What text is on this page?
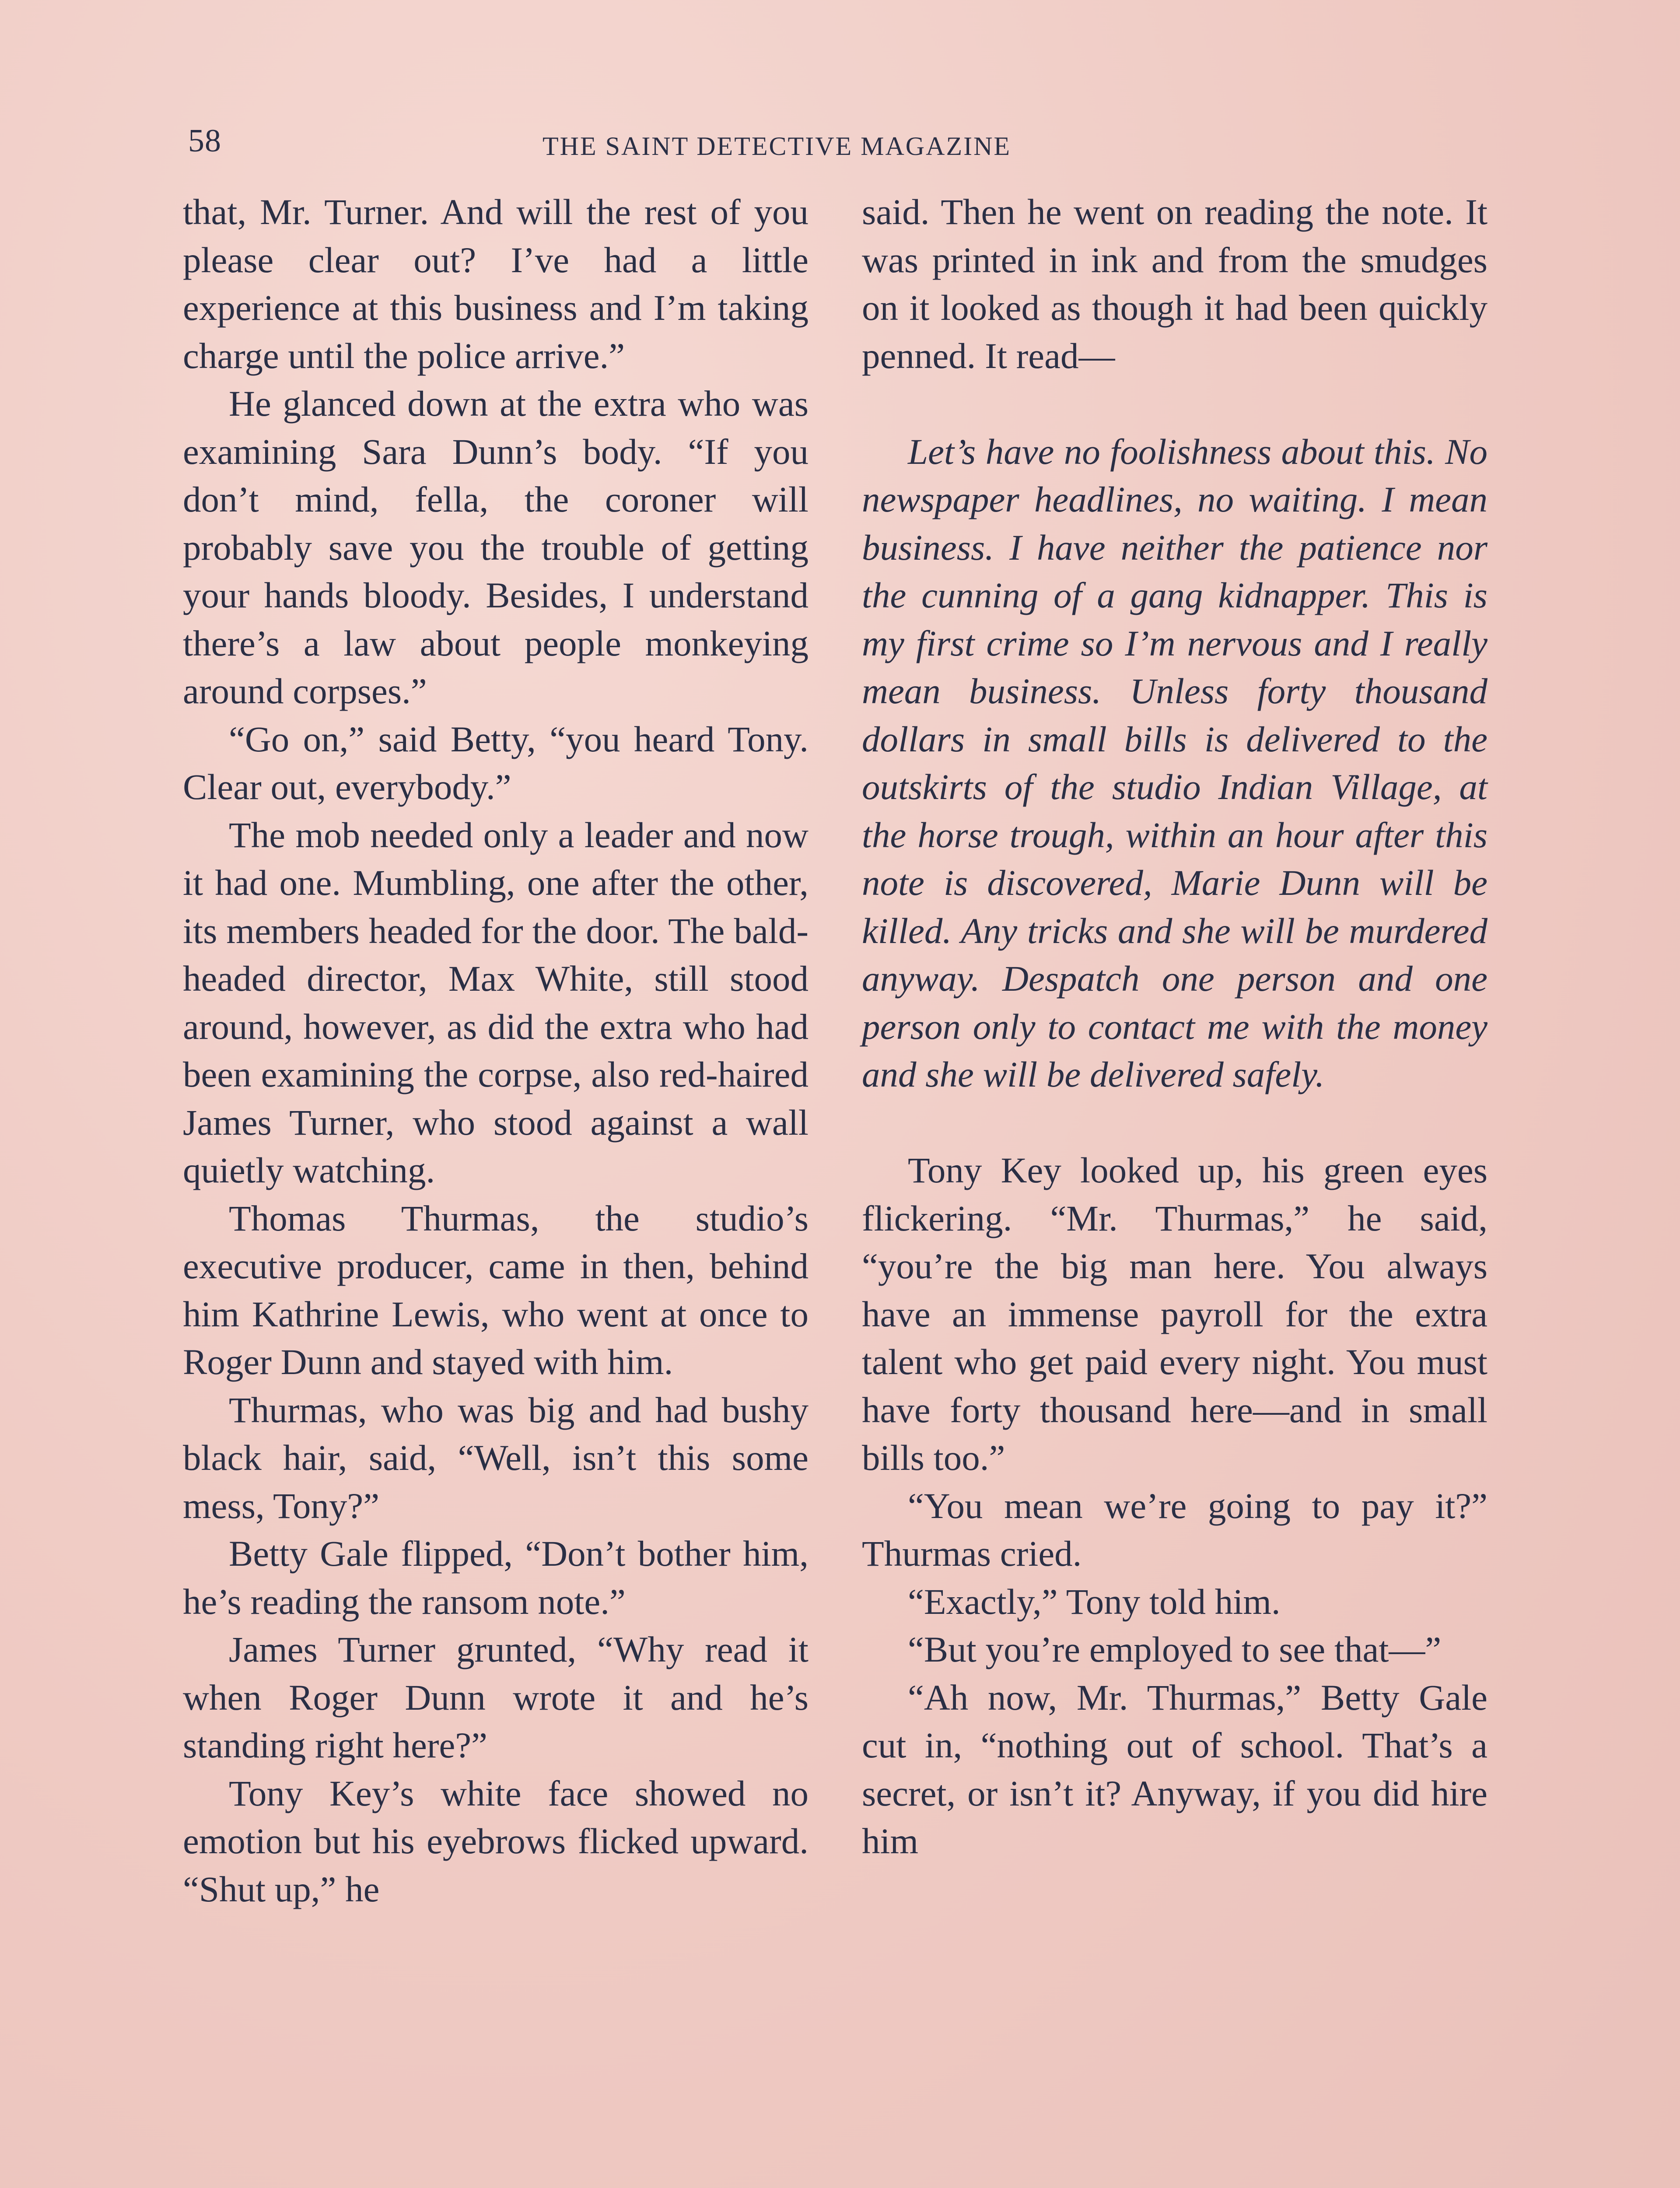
58	THE SAINT DETECTIVE MAGAZINE

that, Mr. Turner. And will the rest of you please clear out? I’ve had a little experience at this business and I’m taking charge until the police arrive.”

He glanced down at the extra who was examining Sara Dunn’s body. “If you don’t mind, fella, the coroner will probably save you the trouble of getting your hands bloody. Besides, I understand there’s a law about people monkeying around corpses.”

“Go on,” said Betty, “you heard Tony. Clear out, everybody.”

The mob needed only a leader and now it had one. Mumbling, one after the other, its members headed for the door. The bald-headed director, Max White, still stood around, however, as did the extra who had been examining the corpse, also red-haired James Turner, who stood against a wall quietly watching.

Thomas Thurmas, the studio’s executive producer, came in then, behind him Kathrine Lewis, who went at once to Roger Dunn and stayed with him.

Thurmas, who was big and had bushy black hair, said, “Well, isn’t this some mess, Tony?”

Betty Gale flipped, “Don’t bother him, he’s reading the ransom note.”

James Turner grunted, “Why read it when Roger Dunn wrote it and he’s standing right here?”

Tony Key’s white face showed no emotion but his eyebrows flicked upward. “Shut up,” he

said. Then he went on reading the note. It was printed in ink and from the smudges on it looked as though it had been quickly penned. It read—

Let’s have no foolishness about this. No newspaper headlines, no waiting. I mean business. I have neither the patience nor the cunning of a gang kidnapper. This is my first crime so I’m nervous and I really mean business. Unless forty thousand dollars in small bills is delivered to the outskirts of the studio Indian Village, at the horse trough, within an hour after this note is discovered, Marie Dunn will be killed. Any tricks and she will be murdered anyway. Despatch one person and one person only to contact me with the money and she will be delivered safely.

Tony Key looked up, his green eyes flickering. “Mr. Thurmas,” he said, “you’re the big man here. You always have an immense payroll for the extra talent who get paid every night. You must have forty thousand here—and in small bills too.”

“You mean we’re going to pay it?” Thurmas cried.

“Exactly,” Tony told him.

“But you’re employed to see that—”

“Ah now, Mr. Thurmas,” Betty Gale cut in, “nothing out of school. That’s a secret, or isn’t it? Anyway, if you did hire him
